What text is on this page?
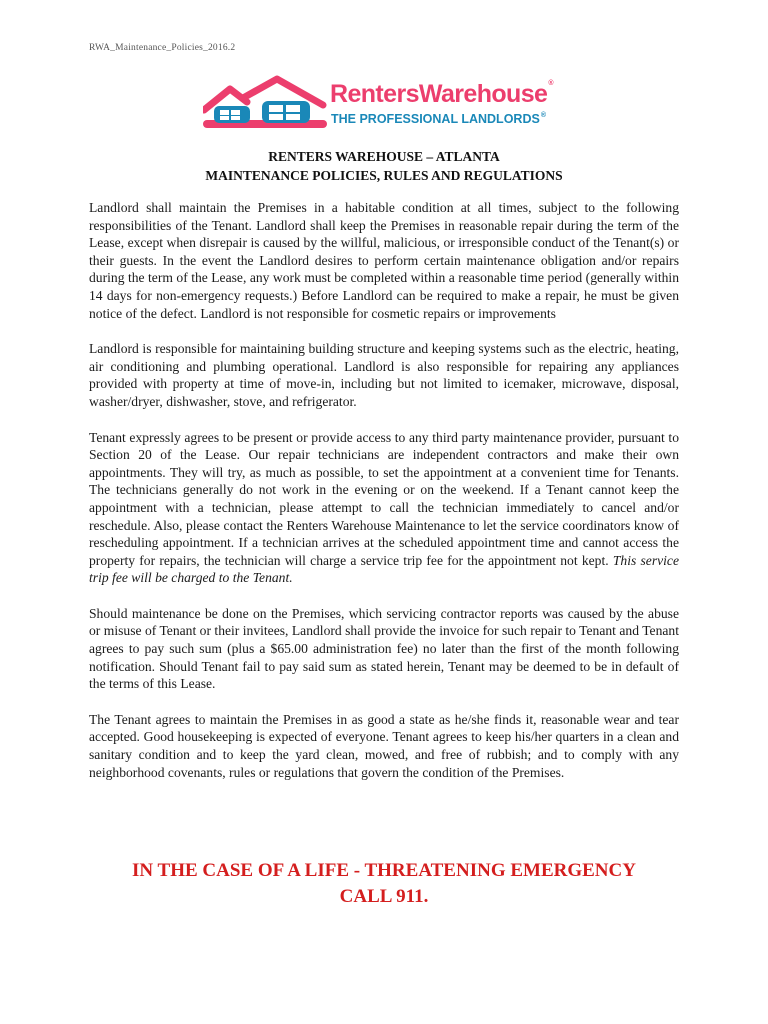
RWA_Maintenance_Policies_2016.2
RentersWarehouse®
THE PROFESSIONAL LANDLORDS®
RENTERS WAREHOUSE – ATLANTA
MAINTENANCE POLICIES, RULES AND REGULATIONS

Landlord shall maintain the Premises in a habitable condition at all times, subject to the following responsibilities of the Tenant. Landlord shall keep the Premises in reasonable repair during the term of the Lease, except when disrepair is caused by the willful, malicious, or irresponsible conduct of the Tenant(s) or their guests. In the event the Landlord desires to perform certain maintenance obligation and/or repairs during the term of the Lease, any work must be completed within a reasonable time period (generally within 14 days for non-emergency requests.) Before Landlord can be required to make a repair, he must be given notice of the defect. Landlord is not responsible for cosmetic repairs or improvements

Landlord is responsible for maintaining building structure and keeping systems such as the electric, heating, air conditioning and plumbing operational. Landlord is also responsible for repairing any appliances provided with property at time of move-in, including but not limited to icemaker, microwave, disposal, washer/dryer, dishwasher, stove, and refrigerator.

Tenant expressly agrees to be present or provide access to any third party maintenance provider, pursuant to Section 20 of the Lease. Our repair technicians are independent contractors and make their own appointments. They will try, as much as possible, to set the appointment at a convenient time for Tenants. The technicians generally do not work in the evening or on the weekend. If a Tenant cannot keep the appointment with a technician, please attempt to call the technician immediately to cancel and/or reschedule. Also, please contact the Renters Warehouse Maintenance to let the service coordinators know of rescheduling appointment. If a technician arrives at the scheduled appointment time and cannot access the property for repairs, the technician will charge a service trip fee for the appointment not kept. This service trip fee will be charged to the Tenant.

Should maintenance be done on the Premises, which servicing contractor reports was caused by the abuse or misuse of Tenant or their invitees, Landlord shall provide the invoice for such repair to Tenant and Tenant agrees to pay such sum (plus a $65.00 administration fee) no later than the first of the month following notification. Should Tenant fail to pay said sum as stated herein, Tenant may be deemed to be in default of the terms of this Lease.

The Tenant agrees to maintain the Premises in as good a state as he/she finds it, reasonable wear and tear accepted. Good housekeeping is expected of everyone. Tenant agrees to keep his/her quarters in a clean and sanitary condition and to keep the yard clean, mowed, and free of rubbish; and to comply with any neighborhood covenants, rules or regulations that govern the condition of the Premises.

IN THE CASE OF A LIFE - THREATENING EMERGENCY
CALL 911.
